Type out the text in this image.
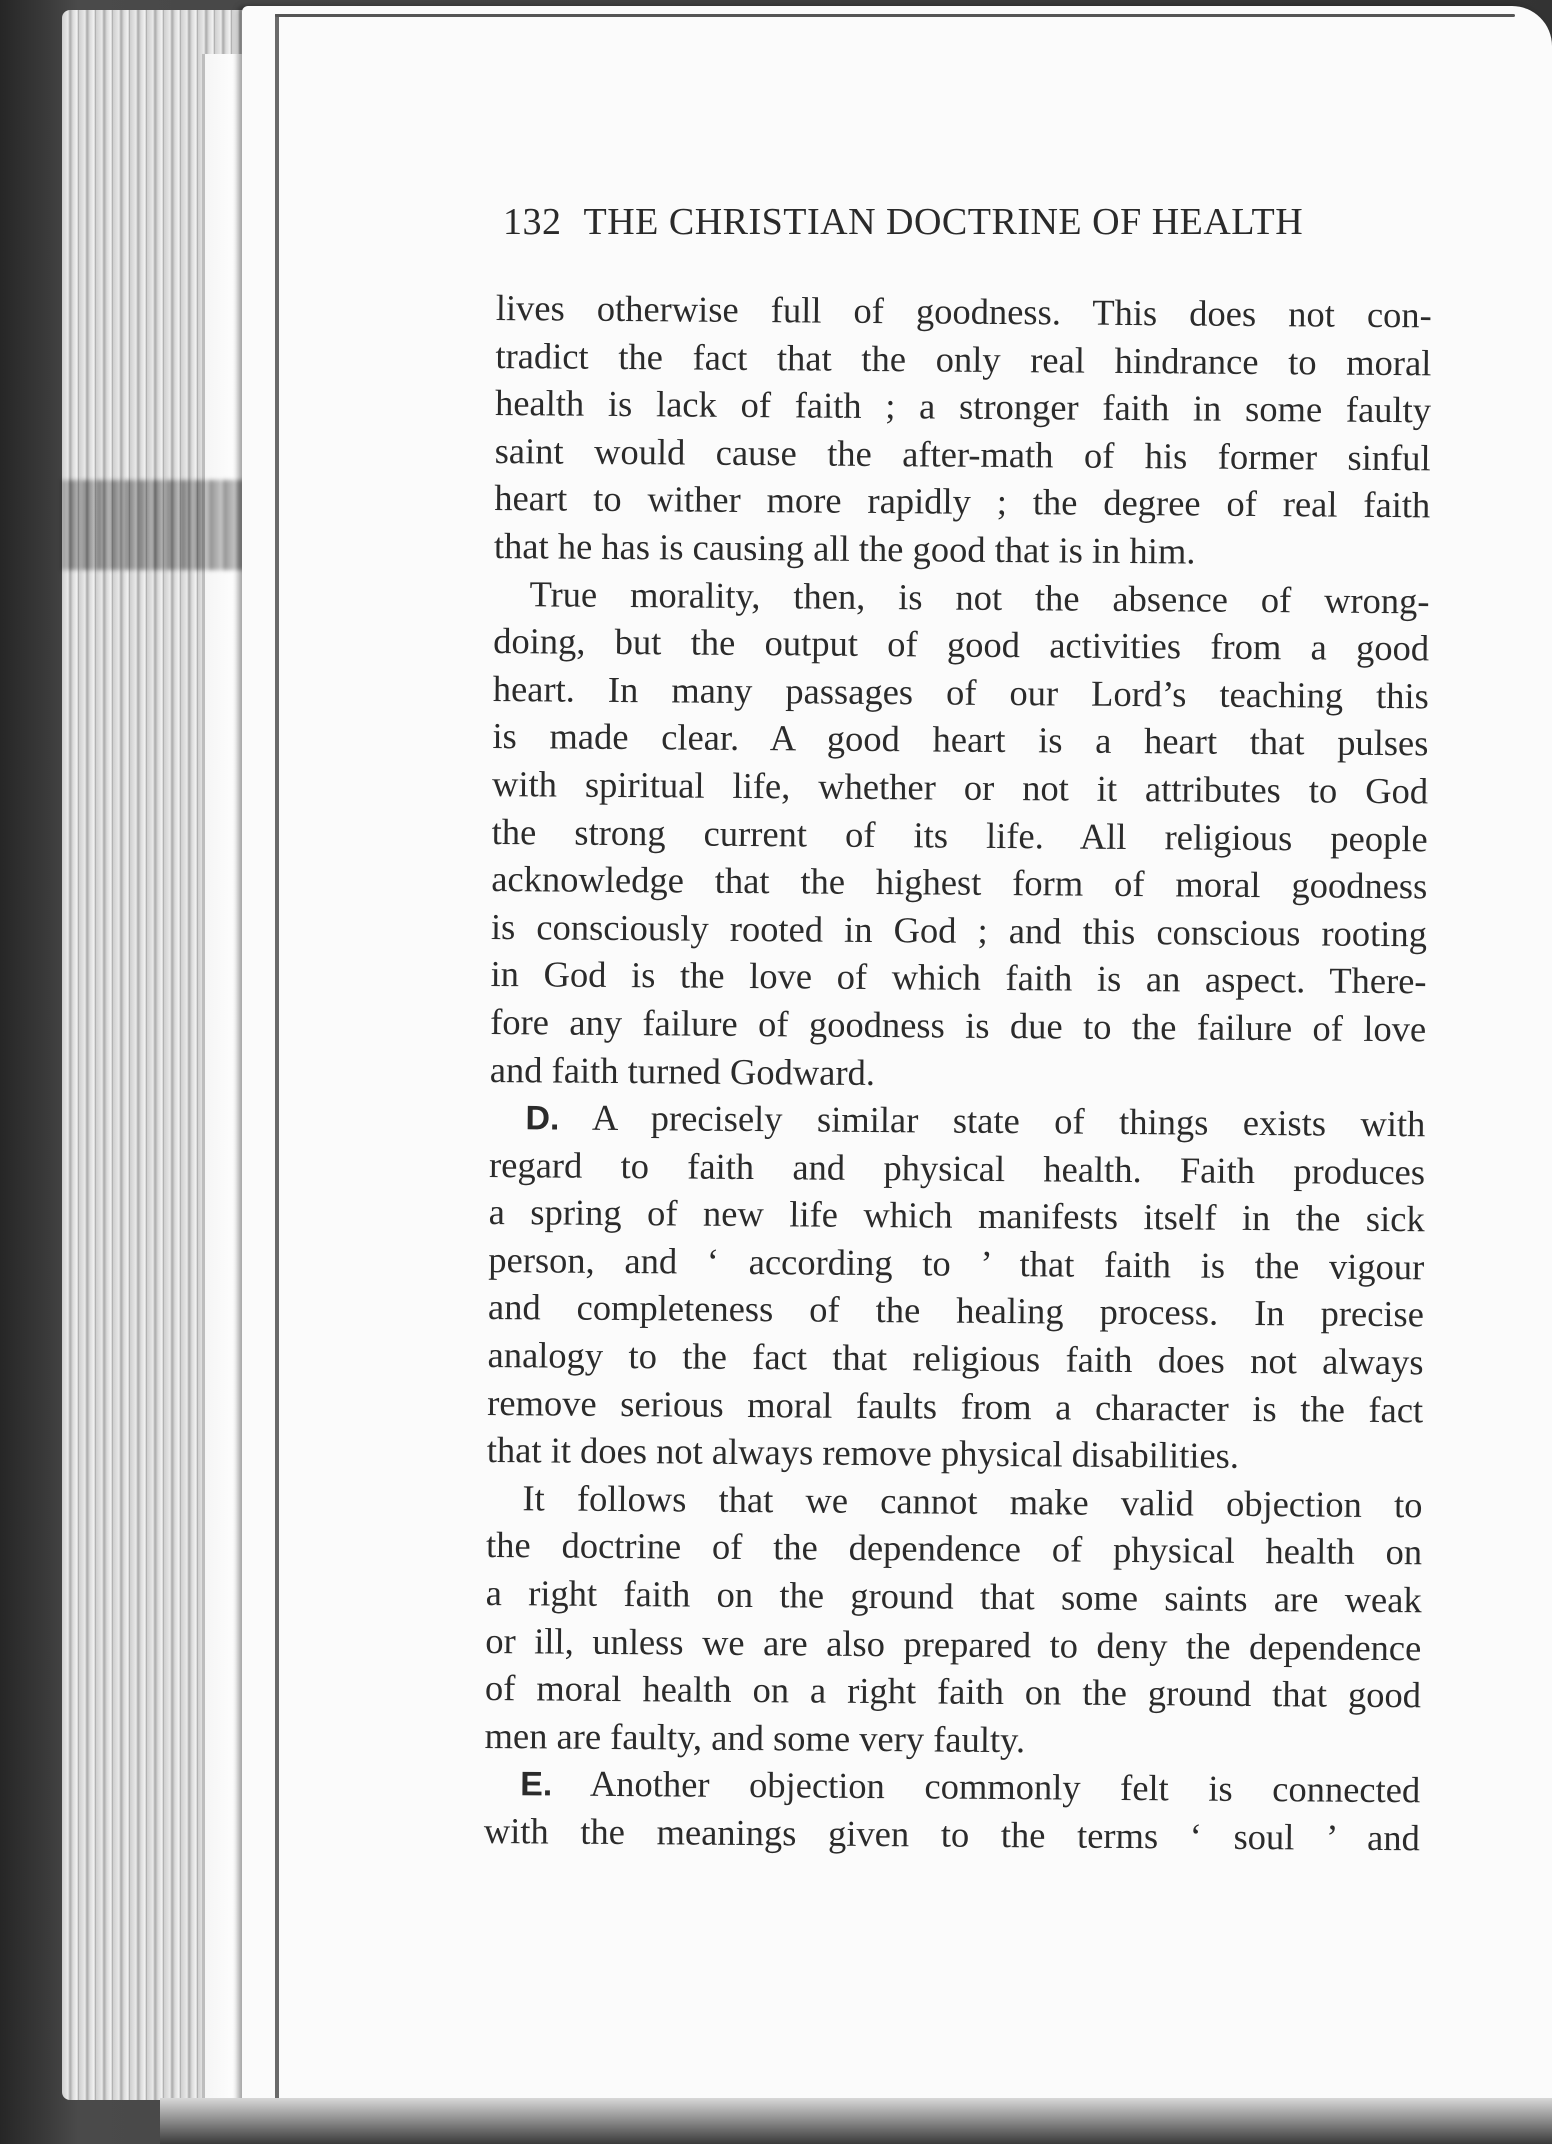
132 THE CHRISTIAN DOCTRINE OF HEALTH
lives otherwise full of goodness. This does not con-
tradict the fact that the only real hindrance to moral
health is lack of faith ; a stronger faith in some faulty
saint would cause the after-math of his former sinful
heart to wither more rapidly ; the degree of real faith
that he has is causing all the good that is in him.
True morality, then, is not the absence of wrong-
doing, but the output of good activities from a good
heart. In many passages of our Lord’s teaching this
is made clear. A good heart is a heart that pulses
with spiritual life, whether or not it attributes to God
the strong current of its life. All religious people
acknowledge that the highest form of moral goodness
is consciously rooted in God ; and this conscious rooting
in God is the love of which faith is an aspect. There-
fore any failure of goodness is due to the failure of love
and faith turned Godward.
D. A precisely similar state of things exists with
regard to faith and physical health. Faith produces
a spring of new life which manifests itself in the sick
person, and ‘ according to ’ that faith is the vigour
and completeness of the healing process. In precise
analogy to the fact that religious faith does not always
remove serious moral faults from a character is the fact
that it does not always remove physical disabilities.
It follows that we cannot make valid objection to
the doctrine of the dependence of physical health on
a right faith on the ground that some saints are weak
or ill, unless we are also prepared to deny the dependence
of moral health on a right faith on the ground that good
men are faulty, and some very faulty.
E. Another objection commonly felt is connected
with the meanings given to the terms ‘ soul ’ and
